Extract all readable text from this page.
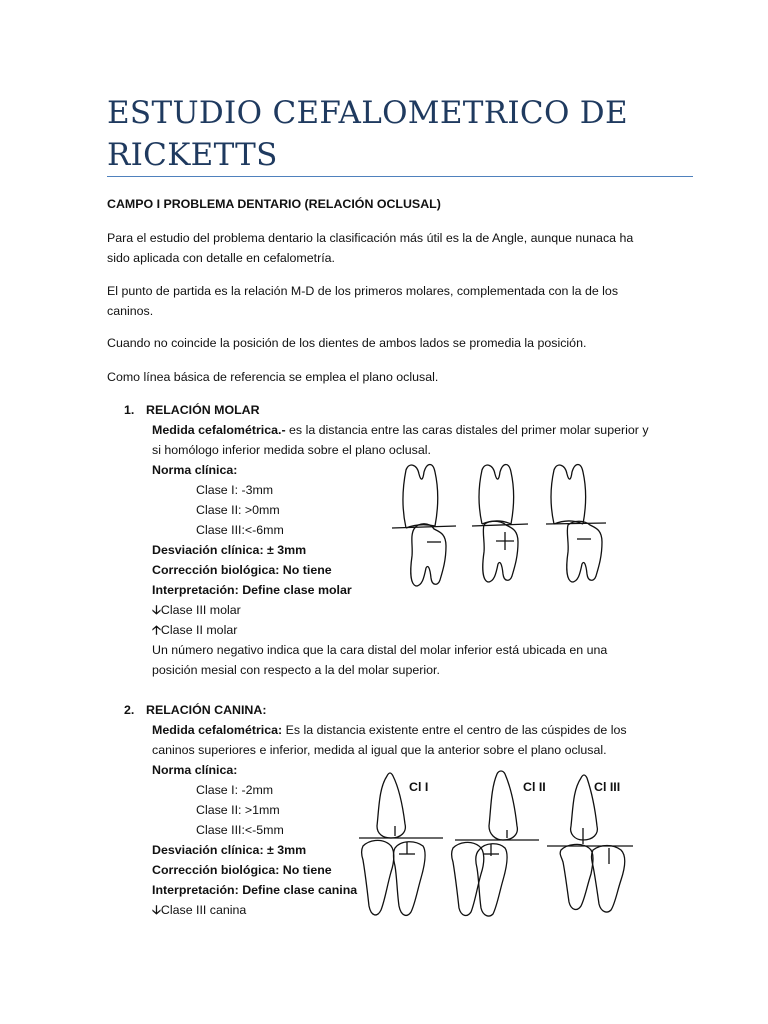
ESTUDIO CEFALOMETRICO DE RICKETTS
CAMPO I PROBLEMA DENTARIO (RELACIÓN OCLUSAL)
Para el estudio del problema dentario la clasificación más útil es la de Angle, aunque nunaca ha
sido aplicada con detalle en cefalometría.
El punto de partida es la relación M-D de los primeros molares, complementada con la de los
caninos.
Cuando no coincide la posición de los dientes de ambos lados se promedia la posición.
Como línea básica de referencia se emplea el plano oclusal.
1. RELACIÓN MOLAR
Medida cefalométrica.- es la distancia entre las caras distales del primer molar superior y
si homólogo inferior medida sobre el plano oclusal.
Norma clínica:
Clase I: -3mm
Clase II: >0mm
Clase III:<-6mm
Desviación clínica: ± 3mm
Corrección biológica: No tiene
Interpretación: Define clase molar
🡣Clase III molar
🡡Clase II molar
Un número negativo indica que la cara distal del molar inferior está ubicada en una
posición mesial con respecto a la del molar superior.
2. RELACIÓN CANINA:
Medida cefalométrica: Es la distancia existente entre el centro de las cúspides de los
caninos superiores e inferior, medida al igual que la anterior sobre el plano oclusal.
Norma clínica:
Clase I: -2mm
Clase II: >1mm
Clase III:<-5mm
Desviación clínica: ± 3mm
Corrección biológica: No tiene
Interpretación: Define clase canina
🡣Clase III canina
Cl I	Cl II	Cl III
